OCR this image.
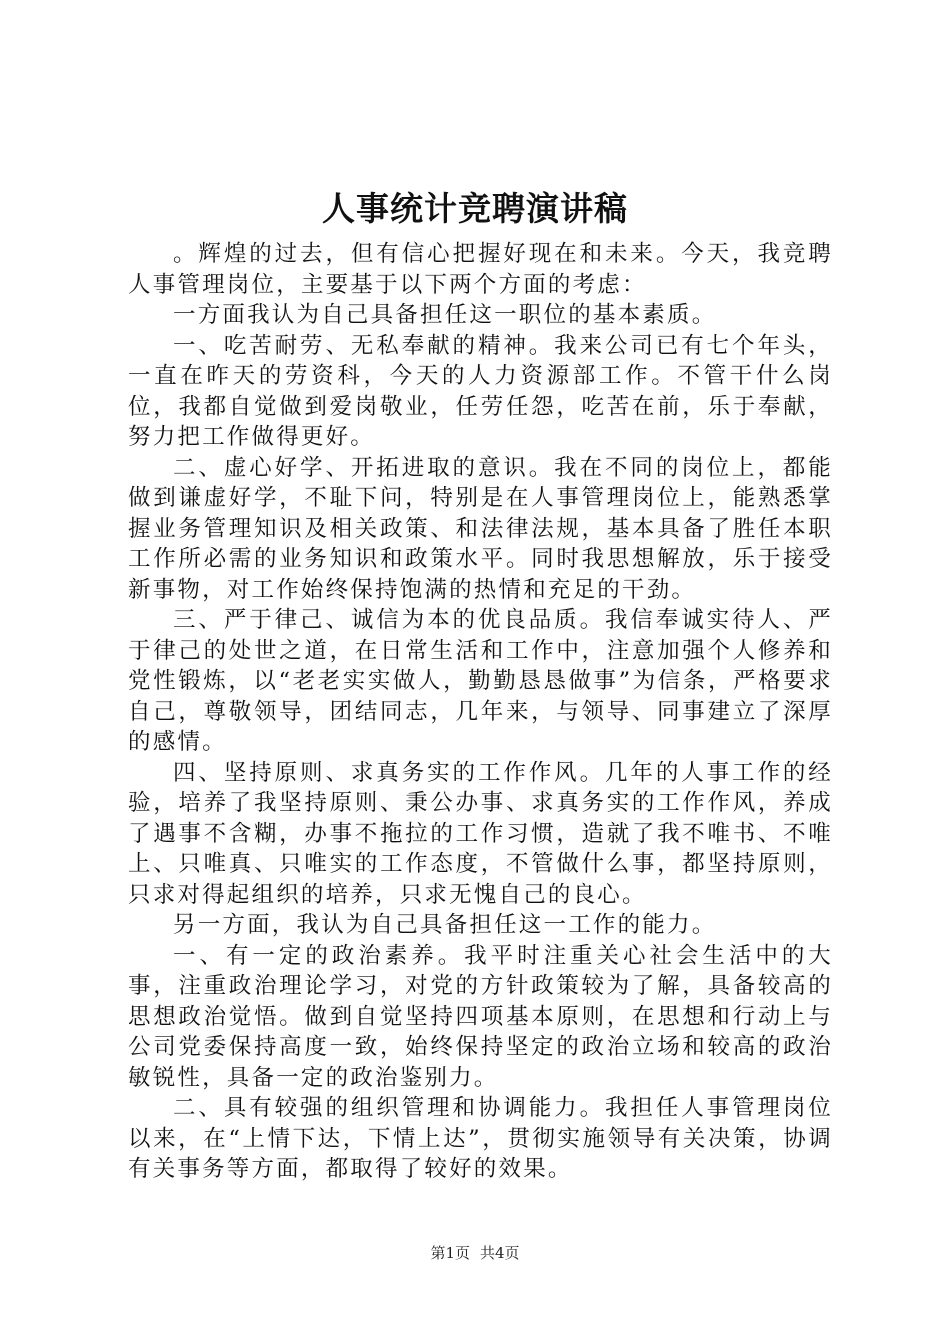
人事统计竞聘演讲稿

。辉煌的过去，但有信心把握好现在和未来。今天，我竞聘人事管理岗位，主要基于以下两个方面的考虑：

一方面我认为自己具备担任这一职位的基本素质。

一、吃苦耐劳、无私奉献的精神。我来公司已有七个年头，一直在昨天的劳资科，今天的人力资源部工作。不管干什么岗位，我都自觉做到爱岗敬业，任劳任怨，吃苦在前，乐于奉献，努力把工作做得更好。

二、虚心好学、开拓进取的意识。我在不同的岗位上，都能做到谦虚好学，不耻下问，特别是在人事管理岗位上，能熟悉掌握业务管理知识及相关政策、和法律法规，基本具备了胜任本职工作所必需的业务知识和政策水平。同时我思想解放，乐于接受新事物，对工作始终保持饱满的热情和充足的干劲。

三、严于律己、诚信为本的优良品质。我信奉诚实待人、严于律己的处世之道，在日常生活和工作中，注意加强个人修养和党性锻炼，以“老老实实做人，勤勤恳恳做事”为信条，严格要求自己，尊敬领导，团结同志，几年来，与领导、同事建立了深厚的感情。

四、坚持原则、求真务实的工作作风。几年的人事工作的经验，培养了我坚持原则、秉公办事、求真务实的工作作风，养成了遇事不含糊，办事不拖拉的工作习惯，造就了我不唯书、不唯上、只唯真、只唯实的工作态度，不管做什么事，都坚持原则，只求对得起组织的培养，只求无愧自己的良心。

另一方面，我认为自己具备担任这一工作的能力。

一、有一定的政治素养。我平时注重关心社会生活中的大事，注重政治理论学习，对党的方针政策较为了解，具备较高的思想政治觉悟。做到自觉坚持四项基本原则，在思想和行动上与公司党委保持高度一致，始终保持坚定的政治立场和较高的政治敏锐性，具备一定的政治鉴别力。

二、具有较强的组织管理和协调能力。我担任人事管理岗位以来，在“上情下达，下情上达”，贯彻实施领导有关决策，协调有关事务等方面，都取得了较好的效果。

第1页 共4页
